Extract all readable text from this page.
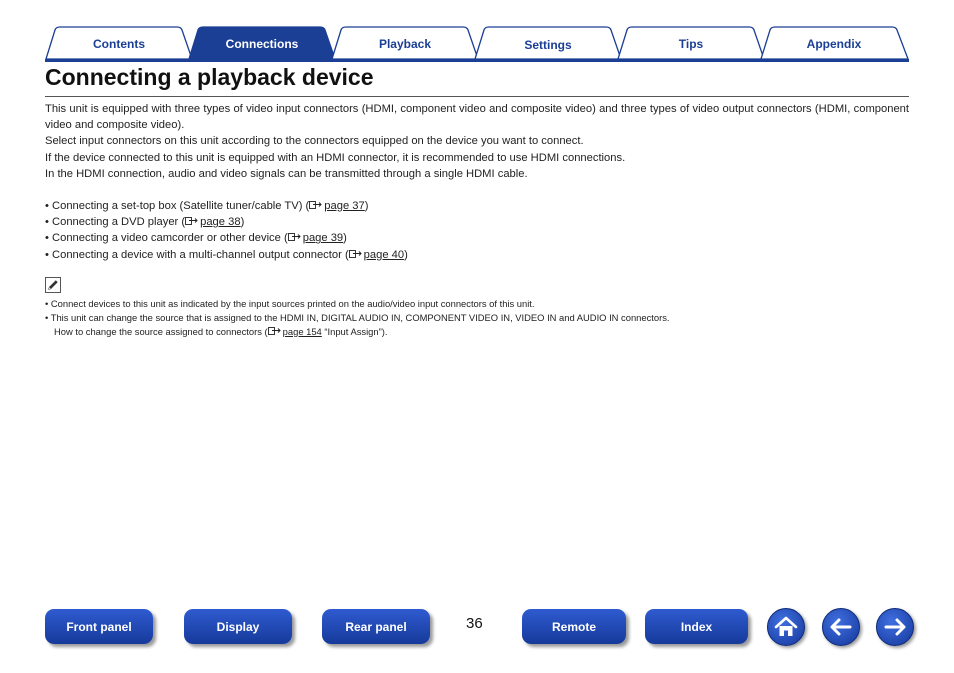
Contents	Connections	Playback	Settings	Tips	Appendix
Connecting a playback device

This unit is equipped with three types of video input connectors (HDMI, component video and composite video) and three types of video output connectors (HDMI, component video and composite video).

Select input connectors on this unit according to the connectors equipped on the device you want to connect.

If the device connected to this unit is equipped with an HDMI connector, it is recommended to use HDMI connections.

In the HDMI connection, audio and video signals can be transmitted through a single HDMI cable.

• Connecting a set-top box (Satellite tuner/cable TV) ( page 37)

• Connecting a DVD player ( page 38)

• Connecting a video camcorder or other device ( page 39)

• Connecting a device with a multi-channel output connector ( page 40)

• Connect devices to this unit as indicated by the input sources printed on the audio/video input connectors of this unit.

• This unit can change the source that is assigned to the HDMI IN, DIGITAL AUDIO IN, COMPONENT VIDEO IN, VIDEO IN and AUDIO IN connectors.

How to change the source assigned to connectors ( page 154 “Input Assign”).

Front panel	Display	Rear panel	36	Remote	Index
